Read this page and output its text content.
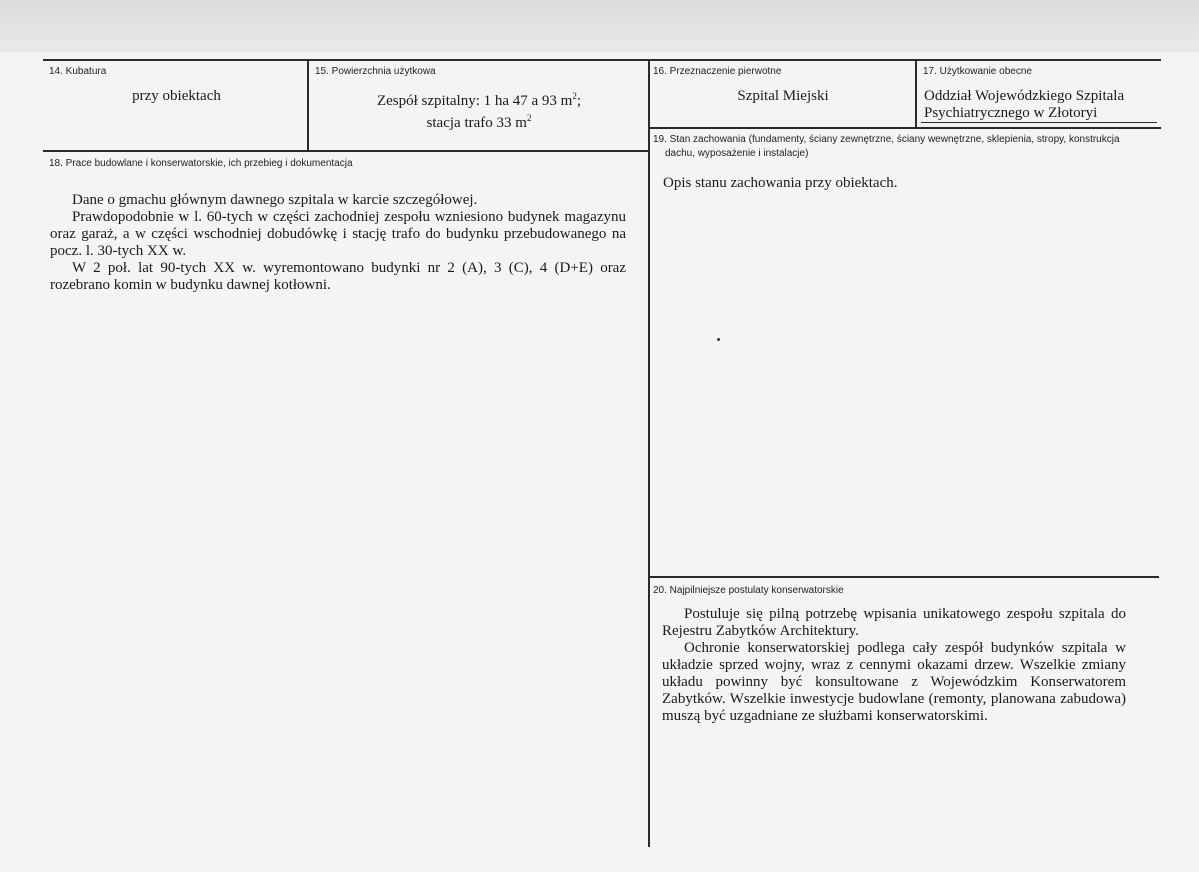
14. Kubatura
przy obiektach
15. Powierzchnia użytkowa
Zespół szpitalny: 1 ha 47 a 93 $m^2$;
stacja trafo 33 $m^2$
16. Przeznaczenie pierwotne
Szpital Miejski
17. Użytkowanie obecne
Oddział Wojewódzkiego Szpitala
Psychiatrycznego w Złotoryi
18. Prace budowlane i konserwatorskie, ich przebieg i dokumentacja

Dane o gmachu głównym dawnego szpitala w karcie szczegółowej.

Prawdopodobnie w l. 60-tych w części zachodniej zespołu wzniesiono budynek magazynu oraz garaż, a w części wschodniej dobudówkę i stację trafo do budynku przebudowanego na pocz. l. 30-tych XX w.

W 2 poł. lat 90-tych XX w. wyremontowano budynki nr 2 (A), 3 (C), 4 (D+E) oraz rozebrano komin w budynku dawnej kotłowni.

19. Stan zachowania (fundamenty, ściany zewnętrzne, ściany wewnętrzne, sklepienia, stropy, konstrukcja
dachu, wyposażenie i instalacje)
Opis stanu zachowania przy obiektach.
20. Najpilniejsze postulaty konserwatorskie

Postuluje się pilną potrzebę wpisania unikatowego zespołu szpitala do Rejestru Zabytków Architektury.

Ochronie konserwatorskiej podlega cały zespół budynków szpitala w układzie sprzed wojny, wraz z cennymi okazami drzew. Wszelkie zmiany układu powinny być konsultowane z Wojewódzkim Konserwatorem Zabytków. Wszelkie inwestycje budowlane (remonty, planowana zabudowa) muszą być uzgadniane ze służbami konserwatorskimi.
